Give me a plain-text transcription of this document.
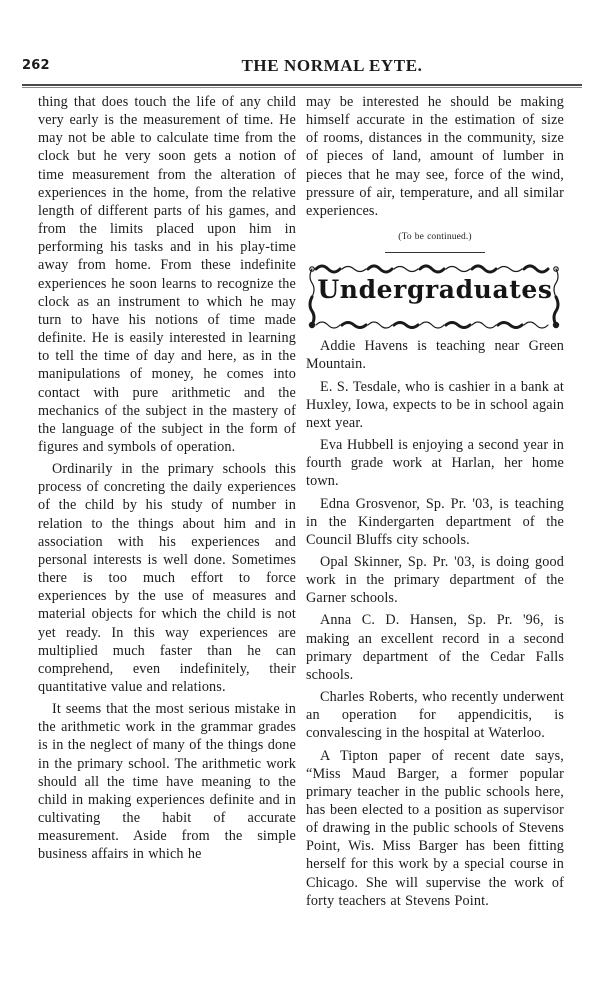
262	THE NORMAL EYTE.

thing that does touch the life of any child very early is the measurement of time. He may not be able to calculate time from the clock but he very soon gets a notion of time measurement from the alteration of experiences in the home, from the relative length of different parts of his games, and from the limits placed upon him in performing his tasks and in his play-time away from home. From these indefinite experiences he soon learns to recognize the clock as an instrument to which he may turn to have his notions of time made definite. He is easily interested in learning to tell the time of day and here, as in the manipulations of money, he comes into contact with pure arithmetic and the mechanics of the subject in the mastery of the language of the subject in the form of figures and symbols of operation.

Ordinarily in the primary schools this process of concreting the daily experiences of the child by his study of number in relation to the things about him and in association with his experiences and personal interests is well done. Sometimes there is too much effort to force experiences by the use of measures and material objects for which the child is not yet ready. In this way experiences are multiplied much faster than he can comprehend, even indefinitely, their quantitative value and relations.

It seems that the most serious mistake in the arithmetic work in the grammar grades is in the neglect of many of the things done in the primary school. The arithmetic work should all the time have meaning to the child in making experiences definite and in cultivating the habit of accurate measurement. Aside from the simple business affairs in which he

may be interested he should be making himself accurate in the estimation of size of rooms, distances in the community, size of pieces of land, amount of lumber in pieces that he may see, force of the wind, pressure of air, temperature, and all similar experiences.

(To be continued.)

Undergraduates

Addie Havens is teaching near Green Mountain.

E. S. Tesdale, who is cashier in a bank at Huxley, Iowa, expects to be in school again next year.

Eva Hubbell is enjoying a second year in fourth grade work at Harlan, her home town.

Edna Grosvenor, Sp. Pr. '03, is teaching in the Kindergarten department of the Council Bluffs city schools.

Opal Skinner, Sp. Pr. '03, is doing good work in the primary department of the Garner schools.

Anna C. D. Hansen, Sp. Pr. '96, is making an excellent record in a second primary department of the Cedar Falls schools.

Charles Roberts, who recently underwent an operation for appendicitis, is convalescing in the hospital at Waterloo.

A Tipton paper of recent date says, “Miss Maud Barger, a former popular primary teacher in the public schools here, has been elected to a position as supervisor of drawing in the public schools of Stevens Point, Wis. Miss Barger has been fitting herself for this work by a special course in Chicago. She will supervise the work of forty teachers at Stevens Point.
